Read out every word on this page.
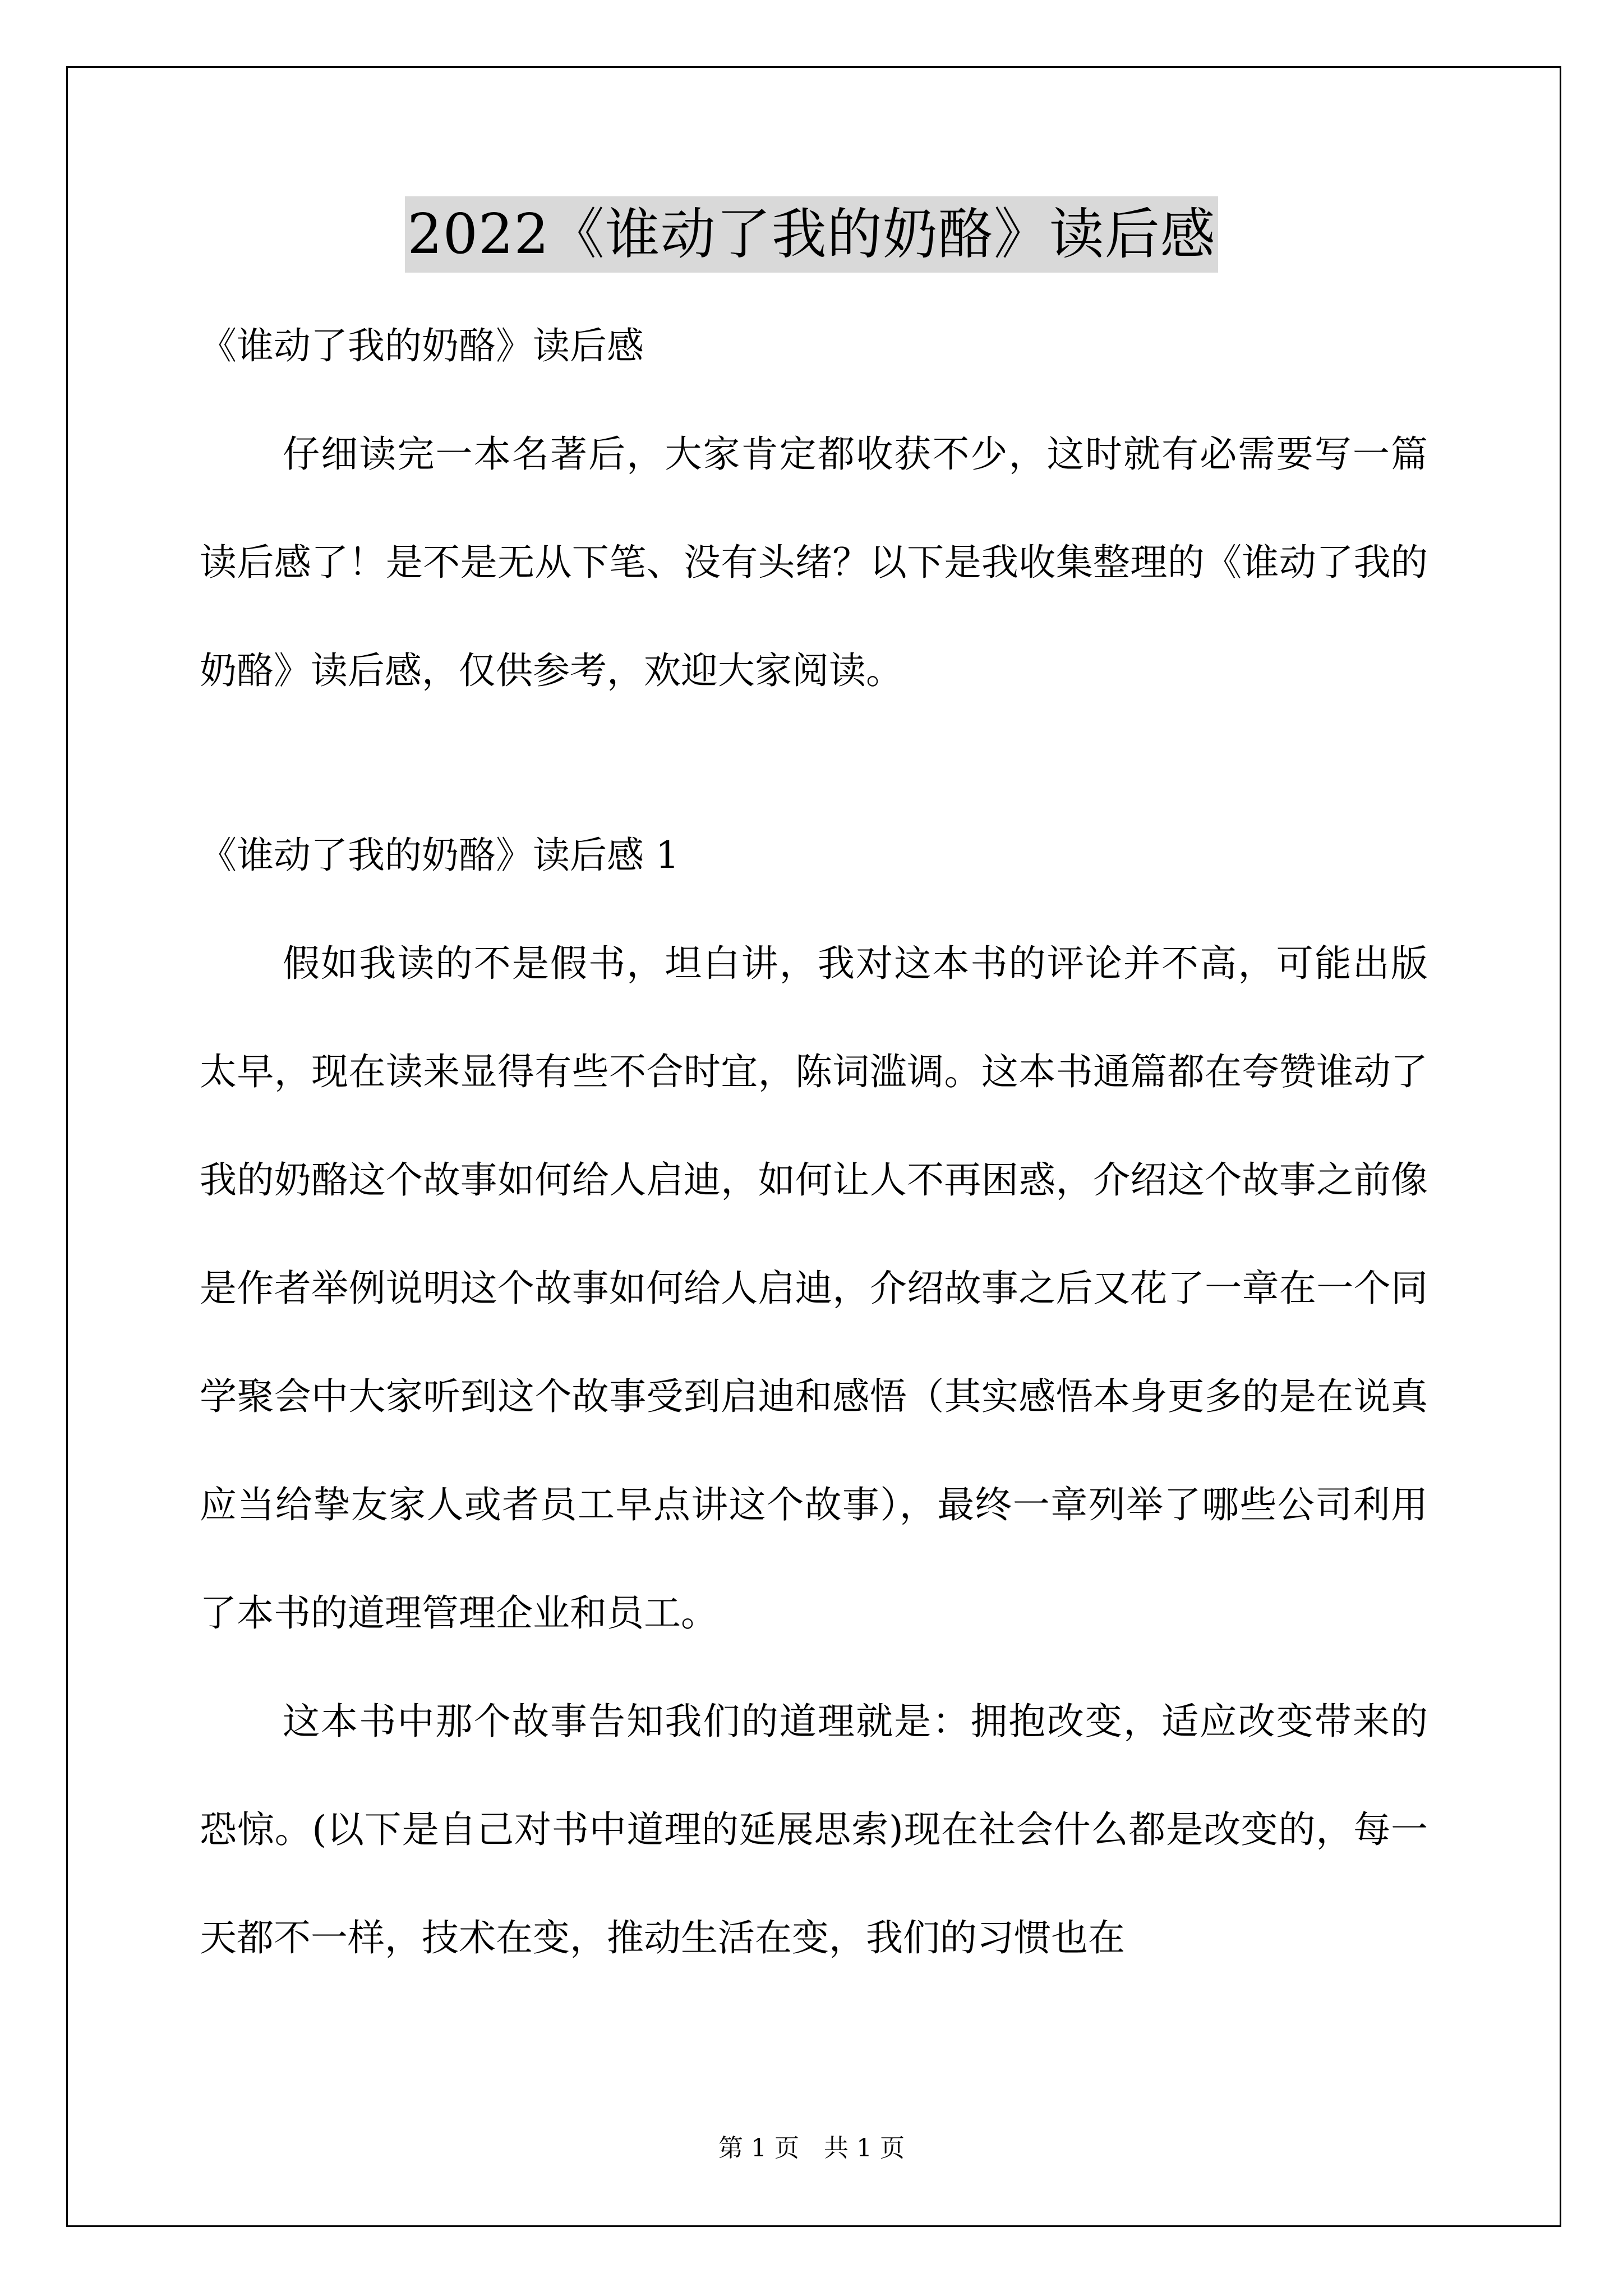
2022《谁动了我的奶酪》读后感

《谁动了我的奶酪》读后感

仔细读完一本名著后，大家肯定都收获不少，这时就有必需要写一篇读后感了！是不是无从下笔、没有头绪？以下是我收集整理的《谁动了我的奶酪》读后感，仅供参考，欢迎大家阅读。

《谁动了我的奶酪》读后感 1

假如我读的不是假书，坦白讲，我对这本书的评论并不高，可能出版太早，现在读来显得有些不合时宜，陈词滥调。这本书通篇都在夸赞谁动了我的奶酪这个故事如何给人启迪，如何让人不再困惑，介绍这个故事之前像是作者举例说明这个故事如何给人启迪，介绍故事之后又花了一章在一个同学聚会中大家听到这个故事受到启迪和感悟（其实感悟本身更多的是在说真应当给挚友家人或者员工早点讲这个故事），最终一章列举了哪些公司利用了本书的道理管理企业和员工。

这本书中那个故事告知我们的道理就是：拥抱改变，适应改变带来的恐惊。(以下是自己对书中道理的延展思索)现在社会什么都是改变的，每一天都不一样，技术在变，推动生活在变，我们的习惯也在

第 1 页　共 1 页
